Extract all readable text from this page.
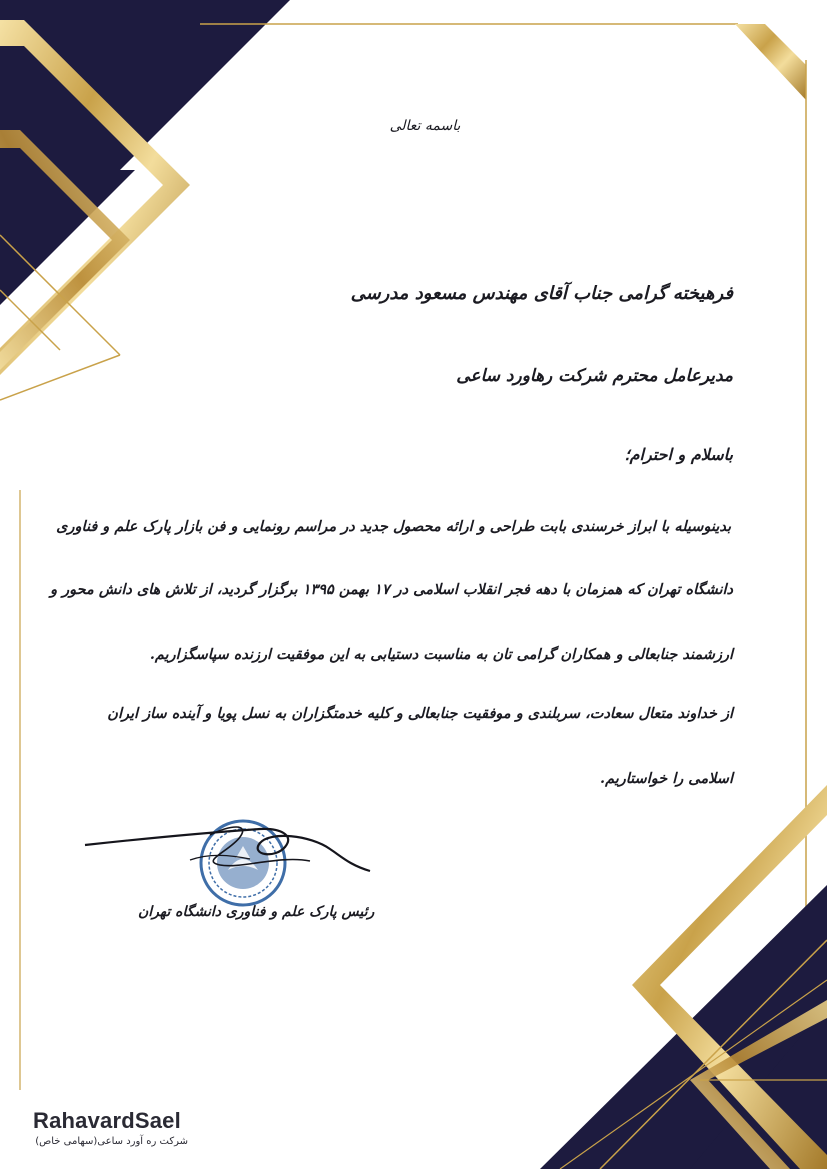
باسمه تعالی
فرهیخته گرامی جناب آقای مهندس مسعود مدرسی
مدیرعامل محترم شرکت رهاورد ساعی
باسلام و احترام؛
بدینوسیله با ابراز خرسندی بابت طراحی و ارائه محصول جدید در مراسم رونمایی و فن بازار پارک علم و فناوری
دانشگاه تهران که همزمان با دهه فجر انقلاب اسلامی در ۱۷ بهمن ۱۳۹۵ برگزار گردید، از تلاش های دانش محور و
ارزشمند جنابعالی و همکاران گرامی تان به مناسبت دستیابی به این موفقیت ارزنده سپاسگزاریم.
از خداوند متعال سعادت، سربلندی و موفقیت جنابعالی و کلیه خدمتگزاران به نسل پویا و آینده ساز ایران
اسلامی را خواستاریم.
رئیس پارک علم و فناوری دانشگاه تهران
RahavardSael
شرکت ره آورد ساعی(سهامی خاص)
